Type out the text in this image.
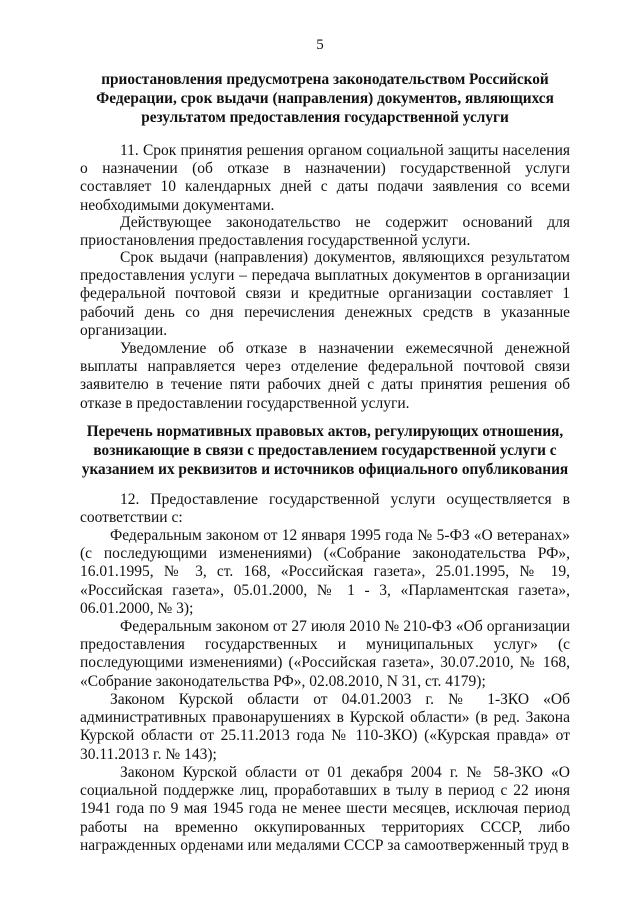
5
приостановления предусмотрена законодательством Российской Федерации, срок выдачи (направления) документов, являющихся результатом предоставления государственной услуги
11. Срок принятия решения органом социальной защиты населения о назначении (об отказе в назначении) государственной услуги составляет 10 календарных дней с даты подачи заявления со всеми необходимыми документами.
Действующее законодательство не содержит оснований для приостановления предоставления государственной услуги.
Срок выдачи (направления) документов, являющихся результатом предоставления услуги – передача выплатных документов в организации федеральной почтовой связи и кредитные организации составляет 1 рабочий день со дня перечисления денежных средств в указанные организации.
Уведомление об отказе в назначении ежемесячной денежной выплаты направляется через отделение федеральной почтовой связи заявителю в течение пяти рабочих дней с даты принятия решения об отказе в предоставлении государственной услуги.
Перечень нормативных правовых актов, регулирующих отношения, возникающие в связи с предоставлением государственной услуги с указанием их реквизитов и источников официального опубликования
12. Предоставление государственной услуги осуществляется в соответствии с:
Федеральным законом от 12 января 1995 года № 5-ФЗ «О ветеранах» (с последующими изменениями) («Собрание законодательства РФ», 16.01.1995, № 3, ст. 168, «Российская газета», 25.01.1995, № 19, «Российская газета», 05.01.2000, № 1 - 3, «Парламентская газета», 06.01.2000, № 3);
Федеральным законом от 27 июля 2010 № 210-ФЗ «Об организации предоставления государственных и муниципальных услуг» (с последующими изменениями) («Российская газета», 30.07.2010, № 168, «Собрание законодательства РФ», 02.08.2010, N 31, ст. 4179);
Законом Курской области от 04.01.2003 г. № 1-ЗКО «Об административных правонарушениях в Курской области» (в ред. Закона Курской области от 25.11.2013 года № 110-ЗКО) («Курская правда» от 30.11.2013 г. № 143);
Законом Курской области от 01 декабря 2004 г. № 58-ЗКО «О социальной поддержке лиц, проработавших в тылу в период с 22 июня 1941 года по 9 мая 1945 года не менее шести месяцев, исключая период работы на временно оккупированных территориях СССР, либо награжденных орденами или медалями СССР за самоотверженный труд в
